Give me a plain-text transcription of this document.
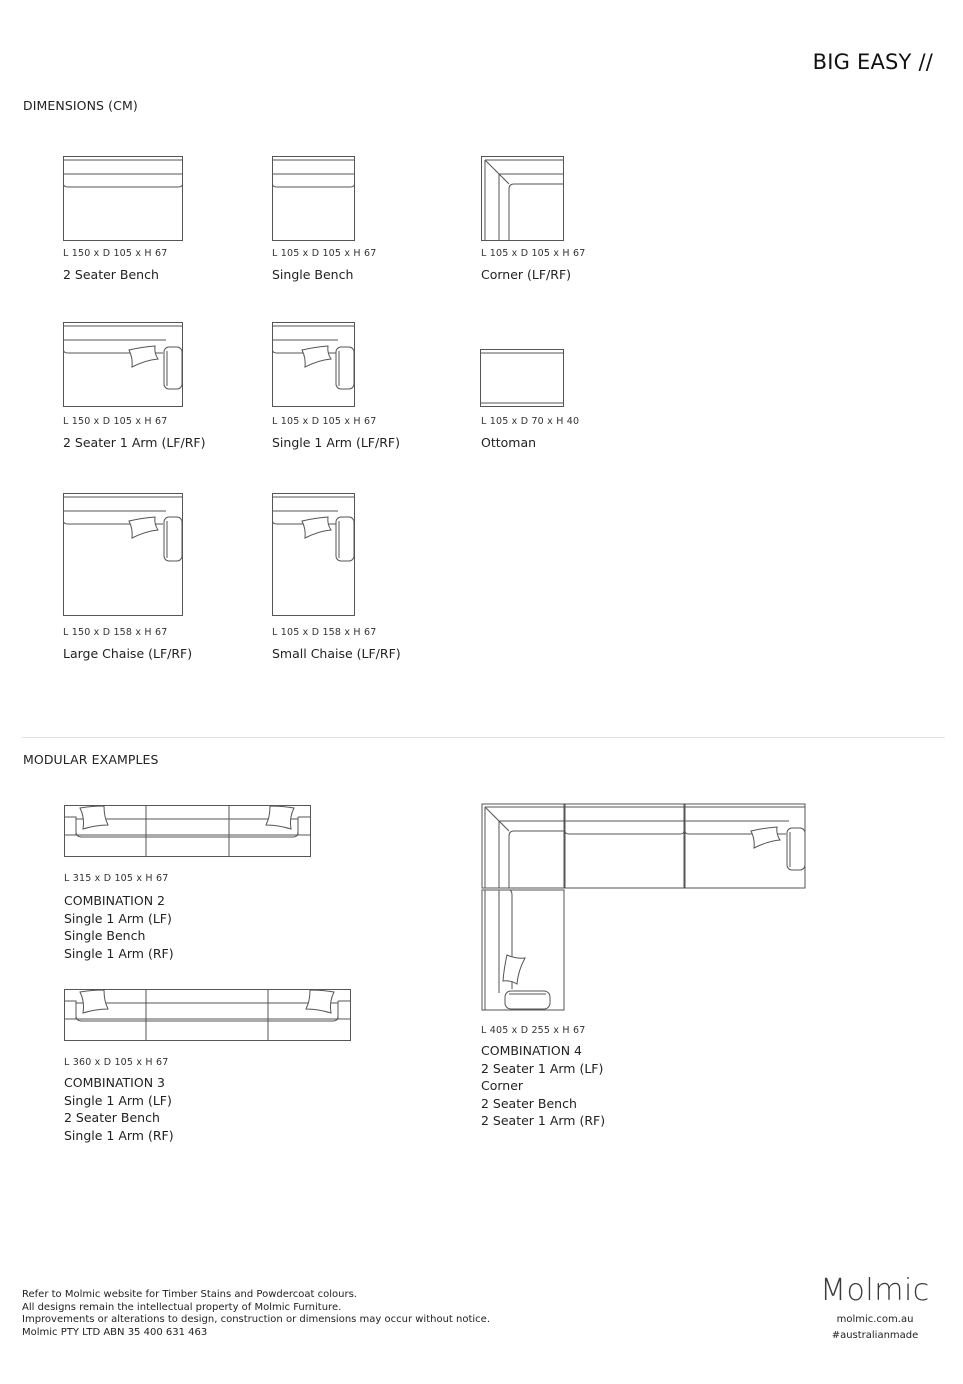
BIG EASY //
DIMENSIONS (CM)
L 150 x D 105 x H 67
2 Seater Bench
L 105 x D 105 x H 67
Single Bench
L 105 x D 105 x H 67
Corner (LF/RF)
L 150 x D 105 x H 67
2 Seater 1 Arm (LF/RF)
L 105 x D 105 x H 67
Single 1 Arm (LF/RF)
L 105 x D 70 x H 40
Ottoman
L 150 x D 158 x H 67
Large Chaise (LF/RF)
L 105 x D 158 x H 67
Small Chaise (LF/RF)
MODULAR EXAMPLES
L 315 x D 105 x H 67
COMBINATION 2
Single 1 Arm (LF)
Single Bench
Single 1 Arm (RF)
L 360 x D 105 x H 67
COMBINATION 3
Single 1 Arm (LF)
2 Seater Bench
Single 1 Arm (RF)
L 405 x D 255 x H 67
COMBINATION 4
2 Seater 1 Arm (LF)
Corner
2 Seater Bench
2 Seater 1 Arm (RF)
Refer to Molmic website for Timber Stains and Powdercoat colours.
All designs remain the intellectual property of Molmic Furniture.
Improvements or alterations to design, construction or dimensions may occur without notice.
Molmic PTY LTD ABN 35 400 631 463
Molmic
molmic.com.au
#australianmade
